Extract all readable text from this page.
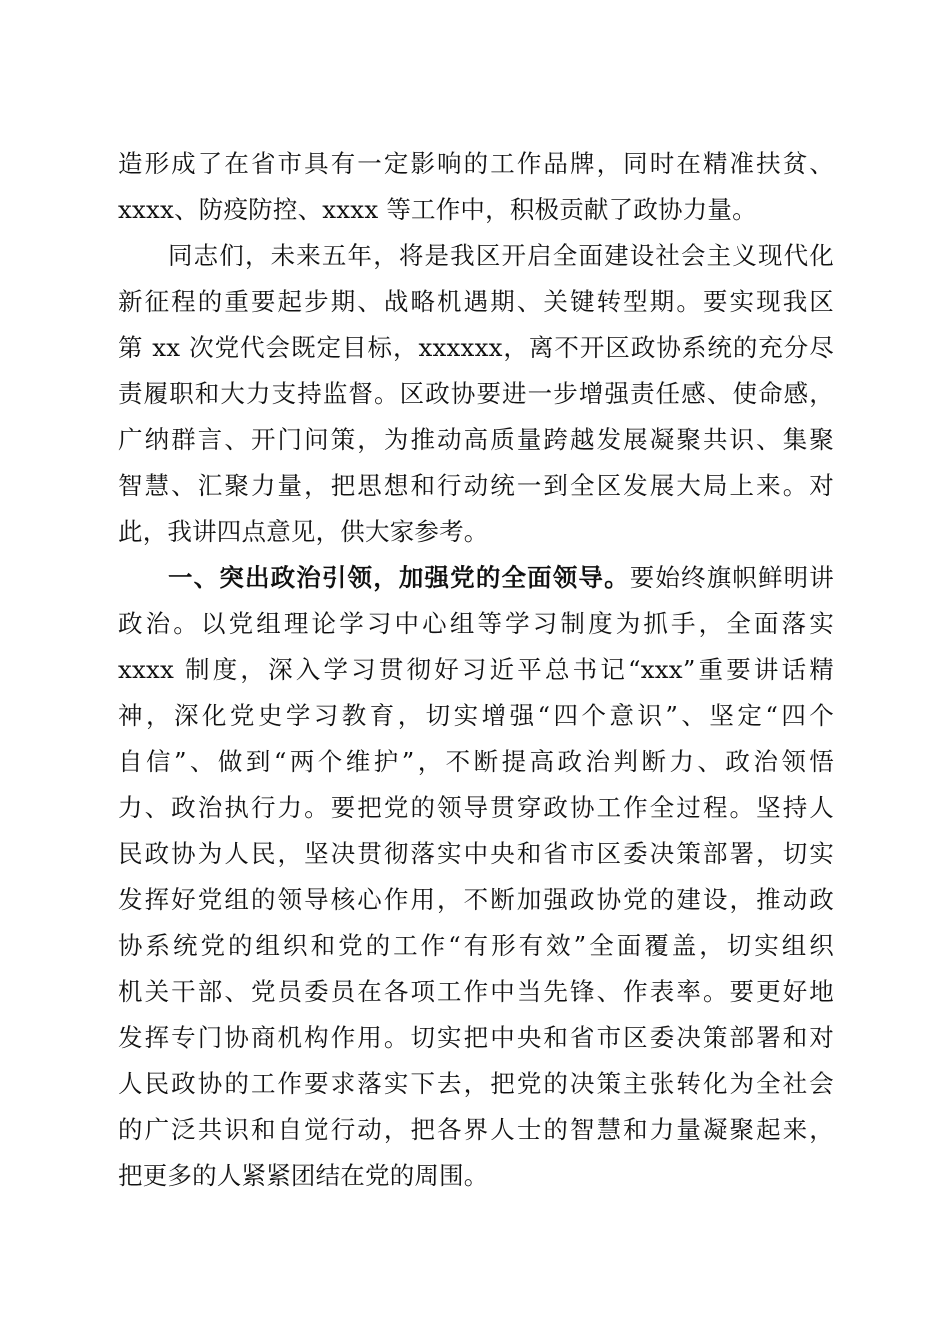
造形成了在省市具有一定影响的工作品牌，同时在精准扶贫、
xxxx、防疫防控、xxxx 等工作中，积极贡献了政协力量。
同志们，未来五年，将是我区开启全面建设社会主义现代化
新征程的重要起步期、战略机遇期、关键转型期。要实现我区
第 xx 次党代会既定目标，xxxxxx，离不开区政协系统的充分尽
责履职和大力支持监督。区政协要进一步增强责任感、使命感，
广纳群言、开门问策，为推动高质量跨越发展凝聚共识、集聚
智慧、汇聚力量，把思想和行动统一到全区发展大局上来。对
此，我讲四点意见，供大家参考。
一、突出政治引领，加强党的全面领导。要始终旗帜鲜明讲
政治。以党组理论学习中心组等学习制度为抓手，全面落实
xxxx 制度，深入学习贯彻好习近平总书记“xxx”重要讲话精
神，深化党史学习教育，切实增强“四个意识”、坚定“四个
自信”、做到“两个维护”，不断提高政治判断力、政治领悟
力、政治执行力。要把党的领导贯穿政协工作全过程。坚持人
民政协为人民，坚决贯彻落实中央和省市区委决策部署，切实
发挥好党组的领导核心作用，不断加强政协党的建设，推动政
协系统党的组织和党的工作“有形有效”全面覆盖，切实组织
机关干部、党员委员在各项工作中当先锋、作表率。要更好地
发挥专门协商机构作用。切实把中央和省市区委决策部署和对
人民政协的工作要求落实下去，把党的决策主张转化为全社会
的广泛共识和自觉行动，把各界人士的智慧和力量凝聚起来，
把更多的人紧紧团结在党的周围。
